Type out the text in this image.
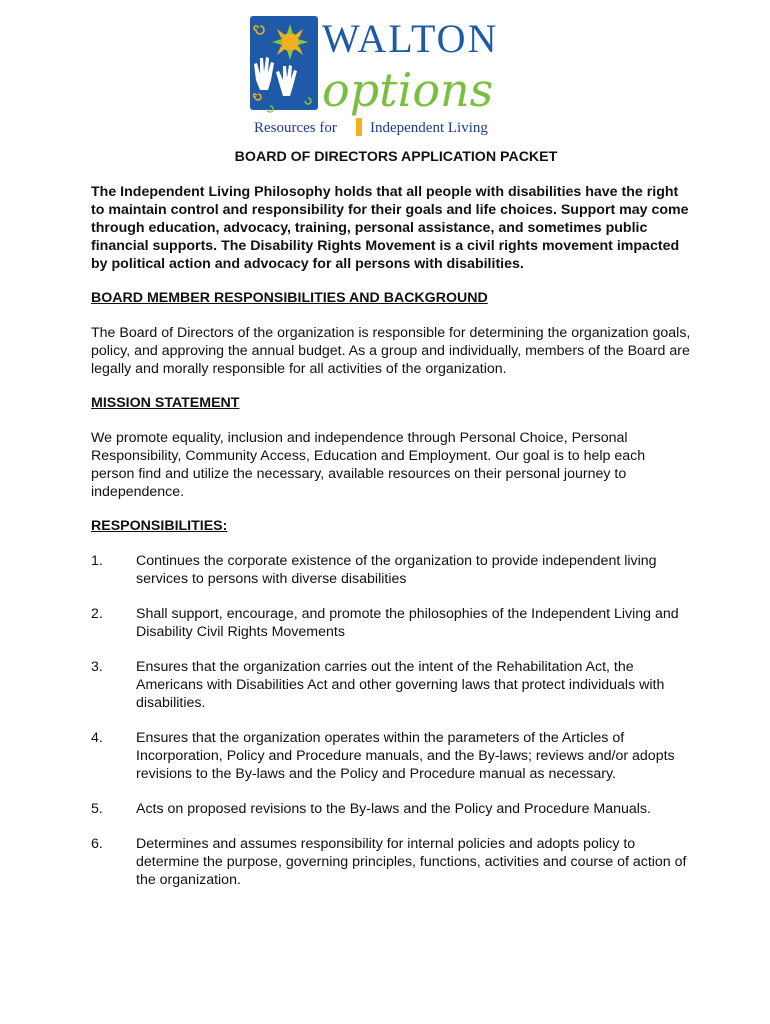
WALTON
options
Resources for Independent Living
BOARD OF DIRECTORS APPLICATION PACKET

The Independent Living Philosophy holds that all people with disabilities have the right to maintain control and responsibility for their goals and life choices. Support may come through education, advocacy, training, personal assistance, and sometimes public financial supports. The Disability Rights Movement is a civil rights movement impacted by political action and advocacy for all persons with disabilities.

BOARD MEMBER RESPONSIBILITIES AND BACKGROUND

The Board of Directors of the organization is responsible for determining the organization goals, policy, and approving the annual budget. As a group and individually, members of the Board are legally and morally responsible for all activities of the organization.

MISSION STATEMENT

We promote equality, inclusion and independence through Personal Choice, Personal Responsibility, Community Access, Education and Employment. Our goal is to help each person find and utilize the necessary, available resources on their personal journey to independence.

RESPONSIBILITIES:
1.	Continues the corporate existence of the organization to provide independent living services to persons with diverse disabilities
2.	Shall support, encourage, and promote the philosophies of the Independent Living and Disability Civil Rights Movements
3.	Ensures that the organization carries out the intent of the Rehabilitation Act, the Americans with Disabilities Act and other governing laws that protect individuals with disabilities.
4.	Ensures that the organization operates within the parameters of the Articles of Incorporation, Policy and Procedure manuals, and the By-laws; reviews and/or adopts revisions to the By-laws and the Policy and Procedure manual as necessary.
5.	Acts on proposed revisions to the By-laws and the Policy and Procedure Manuals.
6.	Determines and assumes responsibility for internal policies and adopts policy to determine the purpose, governing principles, functions, activities and course of action of the organization.
